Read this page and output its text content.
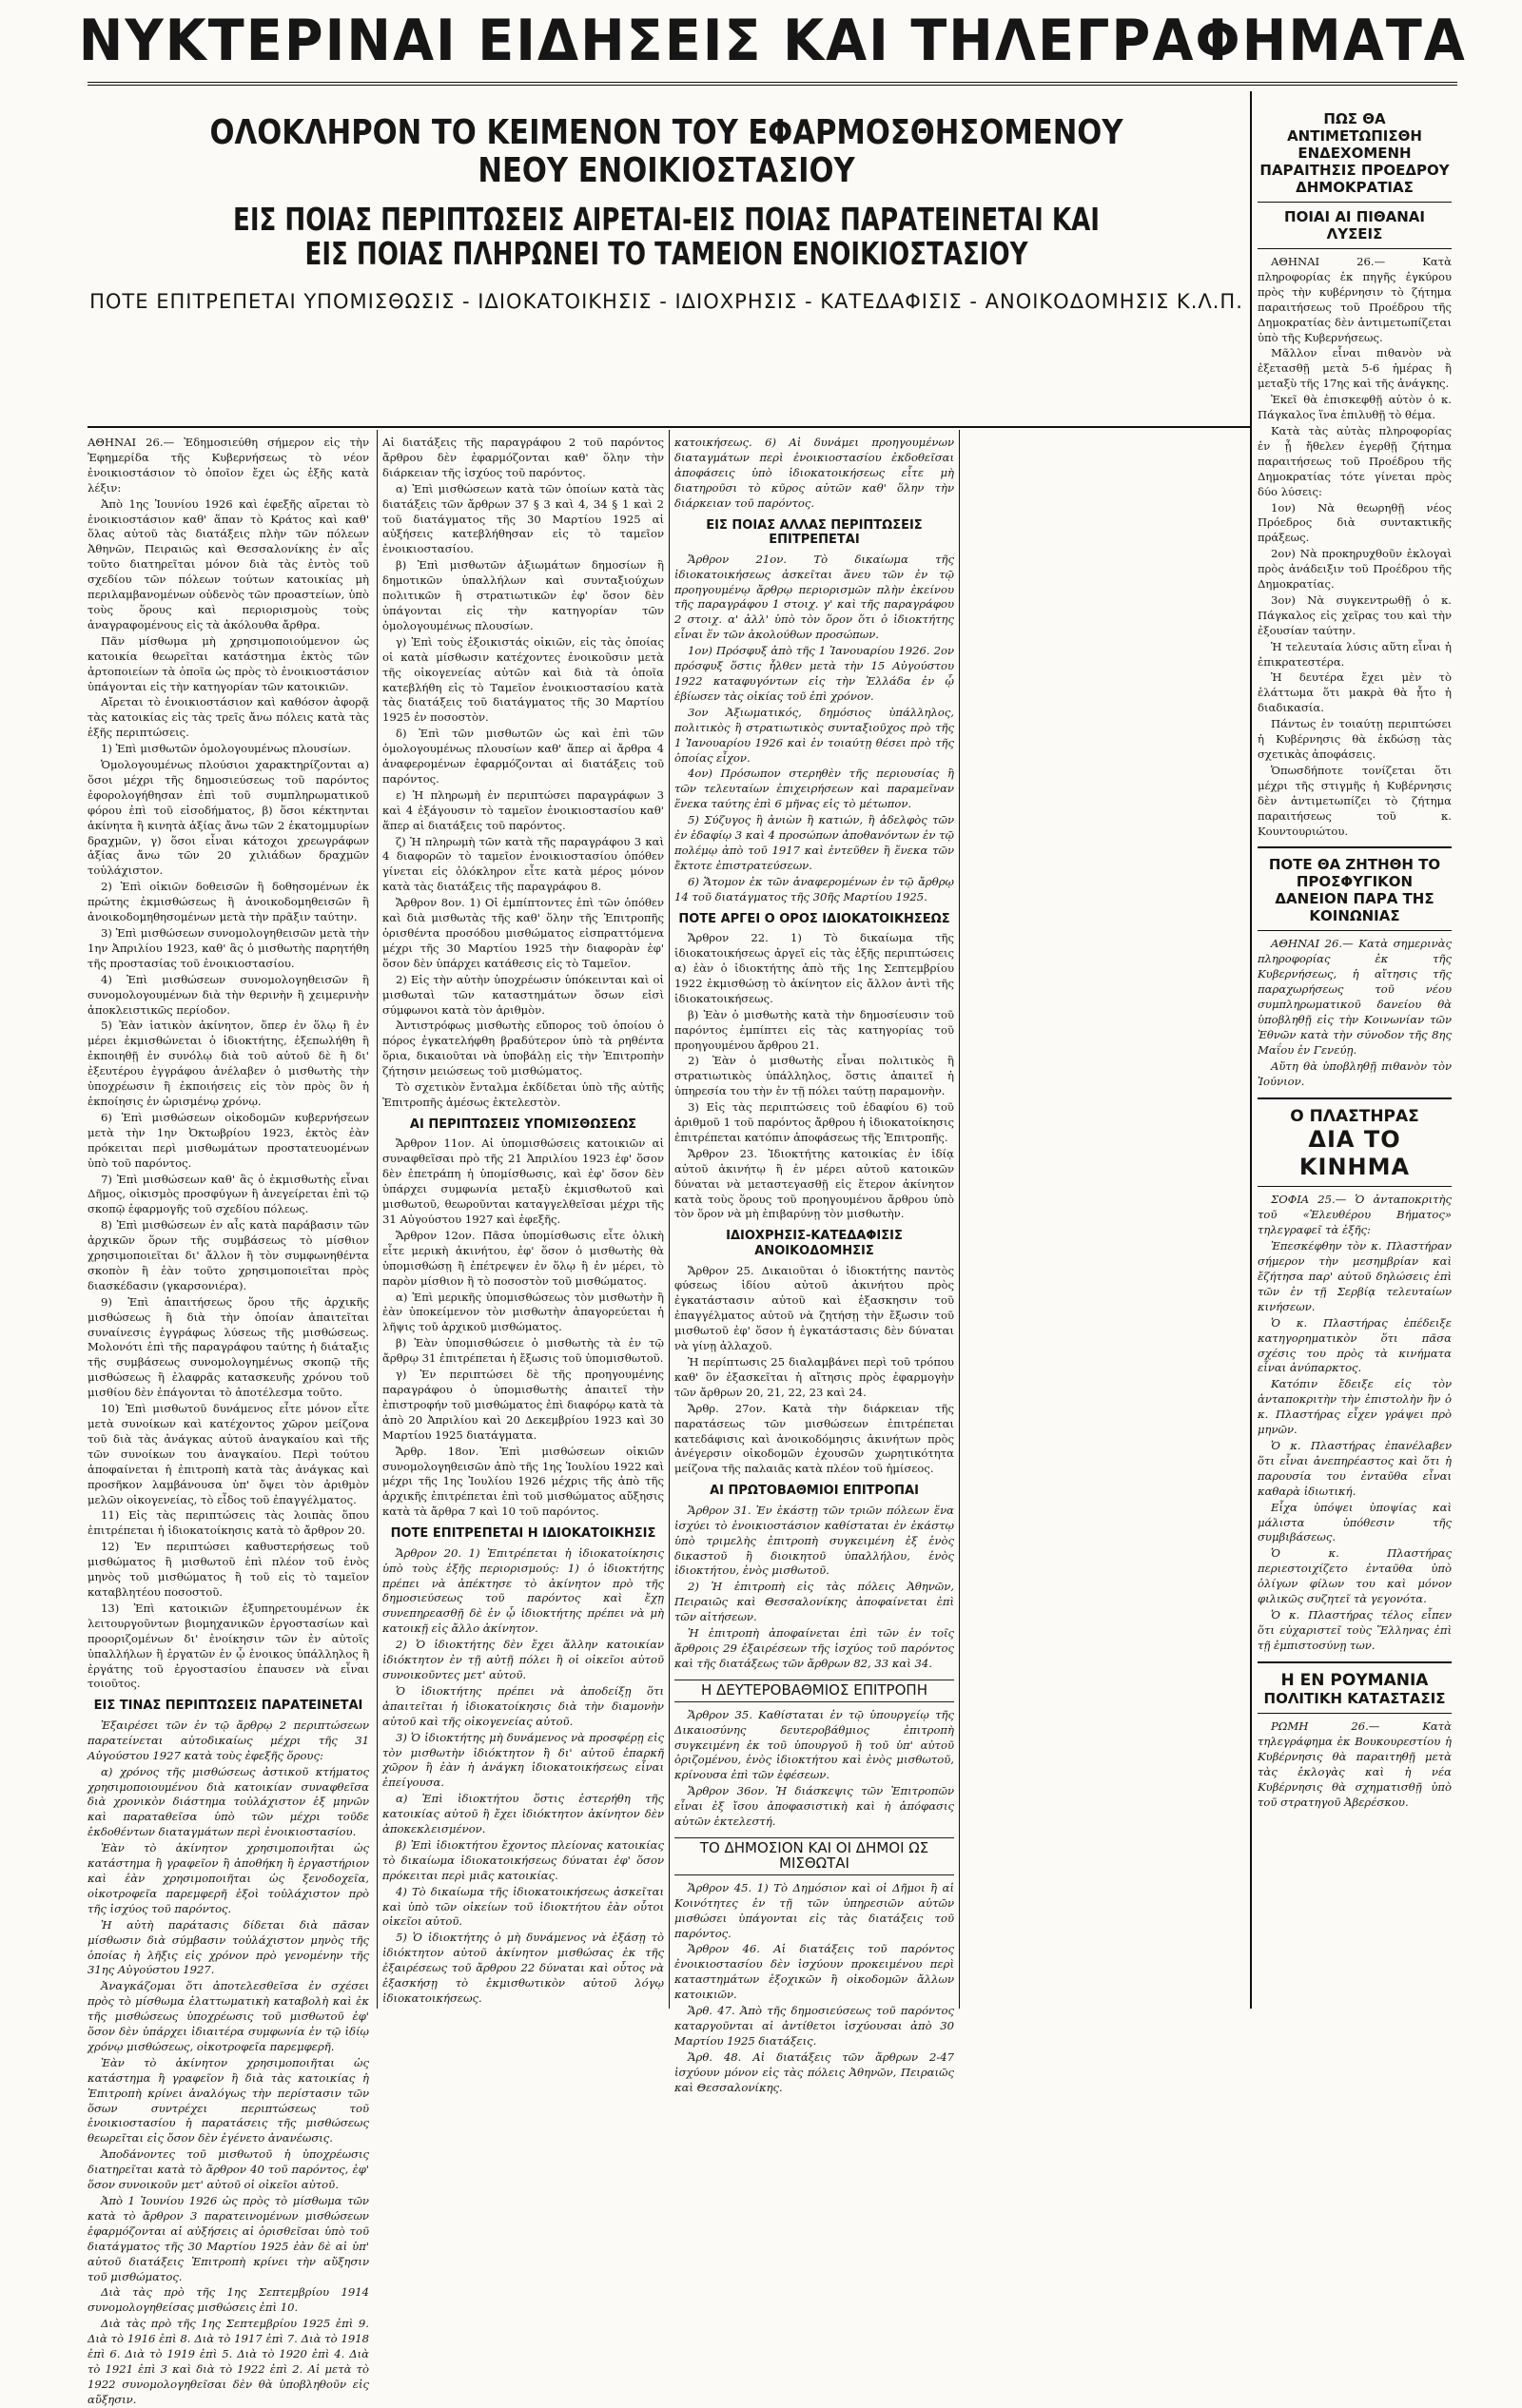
ΝΥΚΤΕΡΙΝΑΙ ΕΙΔΗΣΕΙΣ ΚΑΙ ΤΗΛΕΓΡΑΦΗΜΑΤΑ
ΟΛΟΚΛΗΡΟΝ ΤΟ ΚΕΙΜΕΝΟΝ ΤΟΥ ΕΦΑΡΜΟΣΘΗΣΟΜΕΝΟΥ ΝΕΟΥ ΕΝΟΙΚΙΟΣΤΑΣΙΟΥ
ΕΙΣ ΠΟΙΑΣ ΠΕΡΙΠΤΩΣΕΙΣ ΑΙΡΕΤΑΙ-ΕΙΣ ΠΟΙΑΣ ΠΑΡΑΤΕΙΝΕΤΑΙ ΚΑΙ ΕΙΣ ΠΟΙΑΣ ΠΛΗΡΩΝΕΙ ΤΟ ΤΑΜΕΙΟΝ ΕΝΟΙΚΙΟΣΤΑΣΙΟΥ
ΠΟΤΕ ΕΠΙΤΡΕΠΕΤΑΙ ΥΠΟΜΙΣΘΩΣΙΣ - ΙΔΙΟΚΑΤΟΙΚΗΣΙΣ - ΙΔΙΟΧΡΗΣΙΣ - ΚΑΤΕΔΑΦΙΣΙΣ - ΑΝΟΙΚΟΔΟΜΗΣΙΣ Κ.Λ.Π.

ΑΘΗΝΑΙ 26.— Ἐδημοσιεύθη σήμερον εἰς τὴν Ἐφημερίδα τῆς Κυβερνήσεως τὸ νέον ἐνοικιοστάσιον τὸ ὁποῖον ἔχει ὡς ἑξῆς κατὰ λέξιν:

Ἀπὸ 1ης Ἰουνίου 1926 καὶ ἐφεξῆς αἴρεται τὸ ἐνοικιοστάσιον καθ' ἅπαν τὸ Κράτος καὶ καθ' ὅλας αὐτοῦ τὰς διατάξεις πλὴν τῶν πόλεων Ἀθηνῶν, Πειραιῶς καὶ Θεσσαλονίκης ἐν αἷς τοῦτο διατηρεῖται μόνον διὰ τὰς ἐντὸς τοῦ σχεδίου τῶν πόλεων τούτων κατοικίας μὴ περιλαμβανομένων οὐδενὸς τῶν προαστείων, ὑπὸ τοὺς ὅρους καὶ περιορισμοὺς τοὺς ἀναγραφομένους εἰς τὰ ἀκόλουθα ἄρθρα.

Πᾶν μίσθωμα μὴ χρησιμοποιούμενον ὡς κατοικία θεωρεῖται κατάστημα ἐκτὸς τῶν ἀρτοποιείων τὰ ὁποῖα ὡς πρὸς τὸ ἐνοικιοστάσιον ὑπάγονται εἰς τὴν κατηγορίαν τῶν κατοικιῶν.

Αἴρεται τὸ ἐνοικιοστάσιον καὶ καθόσον ἀφορᾷ τὰς κατοικίας εἰς τὰς τρεῖς ἄνω πόλεις κατὰ τὰς ἑξῆς περιπτώσεις.

1) Ἐπὶ μισθωτῶν ὁμολογουμένως πλουσίων.

Ὁμολογουμένως πλούσιοι χαρακτηρίζονται α) ὅσοι μέχρι τῆς δημοσιεύσεως τοῦ παρόντος ἐφορολογήθησαν ἐπὶ τοῦ συμπληρωματικοῦ φόρου ἐπὶ τοῦ εἰσοδήματος, β) ὅσοι κέκτηνται ἀκίνητα ἢ κινητὰ ἀξίας ἄνω τῶν 2 ἑκατομμυρίων δραχμῶν, γ) ὅσοι εἶναι κάτοχοι χρεωγράφων ἀξίας ἄνω τῶν 20 χιλιάδων δραχμῶν τοὐλάχιστον.

2) Ἐπὶ οἰκιῶν δοθεισῶν ἢ δοθησομένων ἐκ πρώτης ἐκμισθώσεως ἢ ἀνοικοδομηθεισῶν ἢ ἀνοικοδομηθησομένων μετὰ τὴν πρᾶξιν ταύτην.

3) Ἐπὶ μισθώσεων συνομολογηθεισῶν μετὰ τὴν 1ην Ἀπριλίου 1923, καθ' ἃς ὁ μισθωτὴς παρητήθη τῆς προστασίας τοῦ ἐνοικιοστασίου.

4) Ἐπὶ μισθώσεων συνομολογηθεισῶν ἢ συνομολογουμένων διὰ τὴν θερινὴν ἢ χειμερινὴν ἀποκλειστικῶς περίοδον.

5) Ἐὰν ἰατικὸν ἀκίνητον, ὅπερ ἐν ὅλῳ ἢ ἐν μέρει ἐκμισθώνεται ὁ ἰδιοκτήτης, ἐξεπωλήθη ἢ ἐκποιηθῇ ἐν συνόλῳ διὰ τοῦ αὐτοῦ δὲ ἢ δι' ἐξευτέρου ἐγγράφου ἀνέλαβεν ὁ μισθωτὴς τὴν ὑποχρέωσιν ἢ ἐκποιήσεις εἰς τὸν πρὸς ὃν ἡ ἐκποίησις ἐν ὡρισμένῳ χρόνῳ.

6) Ἐπὶ μισθώσεων οἰκοδομῶν κυβερνήσεων μετὰ τὴν 1ην Ὀκτωβρίου 1923, ἐκτὸς ἐὰν πρόκειται περὶ μισθωμάτων προστατευομένων ὑπὸ τοῦ παρόντος.

7) Ἐπὶ μισθώσεων καθ' ἃς ὁ ἐκμισθωτὴς εἶναι Δῆμος, οἰκισμὸς προσφύγων ἢ ἀνεγείρεται ἐπὶ τῷ σκοπῷ ἐφαρμογῆς τοῦ σχεδίου πόλεως.

8) Ἐπὶ μισθώσεων ἐν αἷς κατὰ παράβασιν τῶν ἀρχικῶν ὅρων τῆς συμβάσεως τὸ μίσθιον χρησιμοποιεῖται δι' ἄλλον ἢ τὸν συμφωνηθέντα σκοπὸν ἢ ἐὰν τοῦτο χρησιμοποιεῖται πρὸς διασκέδασιν (γκαρσονιέρα).

9) Ἐπὶ ἀπαιτήσεως ὅρου τῆς ἀρχικῆς μισθώσεως ἢ διὰ τὴν ὁποίαν ἀπαιτεῖται συναίνεσις ἐγγράφως λύσεως τῆς μισθώσεως. Μολονότι ἐπὶ τῆς παραγράφου ταύτης ἡ διάταξις τῆς συμβάσεως συνομολογημένως σκοπῷ τῆς μισθώσεως ἢ ἐλαφρᾶς κατασκευῆς χρόνου τοῦ μισθίου δὲν ἐπάγονται τὸ ἀποτέλεσμα τοῦτο.

10) Ἐπὶ μισθωτοῦ δυνάμενος εἶτε μόνον εἶτε μετὰ συνοίκων καὶ κατέχοντος χῶρον μείζονα τοῦ διὰ τὰς ἀνάγκας αὐτοῦ ἀναγκαίου καὶ τῆς τῶν συνοίκων του ἀναγκαίου. Περὶ τούτου ἀποφαίνεται ἡ ἐπιτροπὴ κατὰ τὰς ἀνάγκας καὶ προσῆκον λαμβάνουσα ὑπ' ὄψει τὸν ἀριθμὸν μελῶν οἰκογενείας, τὸ εἶδος τοῦ ἐπαγγέλματος.

11) Εἰς τὰς περιπτώσεις τὰς λοιπὰς ὅπου ἐπιτρέπεται ἡ ἰδιοκατοίκησις κατὰ τὸ ἄρθρον 20.

12) Ἐν περιπτώσει καθυστερήσεως τοῦ μισθώματος ἢ μισθωτοῦ ἐπὶ πλέον τοῦ ἑνὸς μηνὸς τοῦ μισθώματος ἢ τοῦ εἰς τὸ ταμεῖον καταβλητέου ποσοστοῦ.

13) Ἐπὶ κατοικιῶν ἐξυπηρετουμένων ἐκ λειτουργοῦντων βιομηχανικῶν ἐργοστασίων καὶ προοριζομένων δι' ἐνοίκησιν τῶν ἐν αὐτοῖς ὑπαλλήλων ἢ ἐργατῶν ἐν ᾧ ἐνοικος ὑπάλληλος ἢ ἐργάτης τοῦ ἐργοστασίου ἐπαυσεν νὰ εἶναι τοιοῦτος.

ΕΙΣ ΤΙΝΑΣ ΠΕΡΙΠΤΩΣΕΙΣ ΠΑΡΑΤΕΙΝΕΤΑΙ

Ἐξαιρέσει τῶν ἐν τῷ ἄρθρῳ 2 περιπτώσεων παρατείνεται αὐτοδικαίως μέχρι τῆς 31 Αὐγούστου 1927 κατὰ τοὺς ἐφεξῆς ὅρους:

α) χρόνος τῆς μισθώσεως ἀστικοῦ κτήματος χρησιμοποιουμένου διὰ κατοικίαν συναφθεῖσα διὰ χρονικὸν διάστημα τοὐλάχιστον ἑξ μηνῶν καὶ παραταθεῖσα ὑπὸ τῶν μέχρι τοῦδε ἐκδοθέντων διαταγμάτων περὶ ἐνοικιοστασίου.

Ἐὰν τὸ ἀκίνητον χρησιμοποιῆται ὡς κατάστημα ἢ γραφεῖον ἢ ἀποθήκη ἢ ἐργαστήριον καὶ ἐὰν χρησιμοποιῆται ὡς ξενοδοχεῖα, οἰκοτροφεῖα παρεμφερῆ ἑξοὶ τοὐλάχιστον πρὸ τῆς ἰσχύος τοῦ παρόντος.

Ἡ αὐτὴ παράτασις δίδεται διὰ πᾶσαν μίσθωσιν διὰ σύμβασιν τοὐλάχιστον μηνὸς τῆς ὁποίας ἡ λῆξις εἰς χρόνον πρὸ γενομένην τῆς 31ης Αὐγούστου 1927.

Ἀναγκάζομαι ὅτι ἀποτελεσθεῖσα ἐν σχέσει πρὸς τὸ μίσθωμα ἐλαττωματικὴ καταβολὴ καὶ ἐκ τῆς μισθώσεως ὑποχρέωσις τοῦ μισθωτοῦ ἐφ' ὅσον δὲν ὑπάρχει ἰδιαιτέρα συμφωνία ἐν τῷ ἰδίῳ χρόνῳ μισθώσεως, οἰκοτροφεῖα παρεμφερῆ.

Ἐὰν τὸ ἀκίνητον χρησιμοποιῆται ὡς κατάστημα ἢ γραφεῖον ἢ διὰ τὰς κατοικίας ἡ Ἐπιτροπὴ κρίνει ἀναλόγως τὴν περίστασιν τῶν ὅσων συντρέχει περιπτώσεως τοῦ ἐνοικιοστασίου ἡ παρατάσεις τῆς μισθώσεως θεωρεῖται εἰς ὅσον δὲν ἐγένετο ἀνανέωσις.

Ἀποδάνοντες τοῦ μισθωτοῦ ἡ ὑποχρέωσις διατηρεῖται κατὰ τὸ ἄρθρον 40 τοῦ παρόντος, ἐφ' ὅσον συνοικοῦν μετ' αὐτοῦ οἱ οἰκεῖοι αὐτοῦ.

Ἀπὸ 1 Ἰουνίου 1926 ὡς πρὸς τὸ μίσθωμα τῶν κατὰ τὸ ἄρθρον 3 παρατεινομένων μισθώσεων ἐφαρμόζονται αἱ αὐξήσεις αἱ ὁρισθεῖσαι ὑπὸ τοῦ διατάγματος τῆς 30 Μαρτίου 1925 ἐὰν δὲ αἱ ὑπ' αὐτοῦ διατάξεις Ἐπιτροπὴ κρίνει τὴν αὔξησιν τοῦ μισθώματος.

Διὰ τὰς πρὸ τῆς 1ης Σεπτεμβρίου 1914 συνομολογηθείσας μισθώσεις ἐπὶ 10.

Διὰ τὰς πρὸ τῆς 1ης Σεπτεμβρίου 1925 ἐπὶ 9. Διὰ τὸ 1916 ἐπὶ 8. Διὰ τὸ 1917 ἐπὶ 7. Διὰ τὸ 1918 ἐπὶ 6. Διὰ τὸ 1919 ἐπὶ 5. Διὰ τὸ 1920 ἐπὶ 4. Διὰ τὸ 1921 ἐπὶ 3 καὶ διὰ τὸ 1922 ἐπὶ 2. Αἱ μετὰ τὸ 1922 συνομολογηθεῖσαι δὲν θὰ ὑποβληθοῦν εἰς αὔξησιν.

Αἱ διατάξεις τῆς παραγράφου 2 τοῦ παρόντος ἄρθρου δὲν ἐφαρμόζονται καθ' ὅλην τὴν διάρκειαν τῆς ἰσχύος τοῦ παρόντος.

α) Ἐπὶ μισθώσεων κατὰ τῶν ὁποίων κατὰ τὰς διατάξεις τῶν ἄρθρων 37 § 3 καὶ 4, 34 § 1 καὶ 2 τοῦ διατάγματος τῆς 30 Μαρτίου 1925 αἱ αὐξήσεις κατεβλήθησαν εἰς τὸ ταμεῖον ἐνοικιοστασίου.

β) Ἐπὶ μισθωτῶν ἀξιωμάτων δημοσίων ἢ δημοτικῶν ὑπαλλήλων καὶ συνταξιούχων πολιτικῶν ἢ στρατιωτικῶν ἐφ' ὅσον δὲν ὑπάγονται εἰς τὴν κατηγορίαν τῶν ὁμολογουμένως πλουσίων.

γ) Ἐπὶ τοὺς ἐξοικιστάς οἰκιῶν, εἰς τὰς ὁποίας οἱ κατὰ μίσθωσιν κατέχοντες ἐνοικοῦσιν μετὰ τῆς οἰκογενείας αὐτῶν καὶ διὰ τὰ ὁποῖα κατεβλήθη εἰς τὸ Ταμεῖον ἐνοικιοστασίου κατὰ τὰς διατάξεις τοῦ διατάγματος τῆς 30 Μαρτίου 1925 ἐν ποσοστὸν.

δ) Ἐπὶ τῶν μισθωτῶν ὡς καὶ ἐπὶ τῶν ὁμολογουμένως πλουσίων καθ' ἅπερ αἱ ἄρθρα 4 ἀναφερομένων ἐφαρμόζονται αἱ διατάξεις τοῦ παρόντος.

ε) Ἡ πληρωμὴ ἐν περιπτώσει παραγράφων 3 καὶ 4 ἐξάγουσιν τὸ ταμεῖον ἐνοικιοστασίου καθ' ἅπερ αἱ διατάξεις τοῦ παρόντος.

ζ) Ἡ πληρωμὴ τῶν κατὰ τῆς παραγράφου 3 καὶ 4 διαφορῶν τὸ ταμεῖον ἐνοικιοστασίου ὁπόθεν γίνεται εἰς ὀλόκληρον εἶτε κατὰ μέρος μόνον κατὰ τὰς διατάξεις τῆς παραγράφου 8.

Ἄρθρον 8ον. 1) Οἱ ἐμπίπτοντες ἐπὶ τῶν ὁπόθεν καὶ διὰ μισθωτὰς τῆς καθ' ὅλην τῆς Ἐπιτροπῆς ὁρισθέντα προσόδου μισθώματος εἰσπραττόμενα μέχρι τῆς 30 Μαρτίου 1925 τὴν διαφορὰν ἐφ' ὅσον δὲν ὑπάρχει κατάθεσις εἰς τὸ Ταμεῖον.

2) Εἰς τὴν αὐτὴν ὑποχρέωσιν ὑπόκεινται καὶ οἱ μισθωταὶ τῶν καταστημάτων ὅσων εἰσὶ σύμφωνοι κατὰ τὸν ἀριθμὸν.

Ἀντιστρόφως μισθωτὴς εὔπορος τοῦ ὁποίου ὁ πόρος ἐγκατελήφθη βραδύτερον ὑπὸ τὰ ρηθέντα ὅρια, δικαιοῦται νὰ ὑποβάλῃ εἰς τὴν Ἐπιτροπὴν ζήτησιν μειώσεως τοῦ μισθώματος.

Τὸ σχετικὸν ἔνταλμα ἐκδίδεται ὑπὸ τῆς αὐτῆς Ἐπιτροπῆς ἀμέσως ἐκτελεστὸν.

ΑΙ ΠΕΡΙΠΤΩΣΕΙΣ ΥΠΟΜΙΣΘΩΣΕΩΣ

Ἄρθρον 11ον. Αἱ ὑπομισθώσεις κατοικιῶν αἱ συναφθεῖσαι πρὸ τῆς 21 Ἀπριλίου 1923 ἐφ' ὅσον δὲν ἐπετράπη ἡ ὑπομίσθωσις, καὶ ἐφ' ὅσον δὲν ὑπάρχει συμφωνία μεταξὺ ἐκμισθωτοῦ καὶ μισθωτοῦ, θεωροῦνται καταγγελθεῖσαι μέχρι τῆς 31 Αὐγούστου 1927 καὶ ἐφεξῆς.

Ἄρθρον 12ον. Πᾶσα ὑπομίσθωσις εἶτε ὁλικὴ εἶτε μερικὴ ἀκινήτου, ἐφ' ὅσον ὁ μισθωτὴς θὰ ὑπομισθώσῃ ἢ ἐπέτρεψεν ἐν ὅλῳ ἢ ἐν μέρει, τὸ παρὸν μίσθιον ἢ τὸ ποσοστὸν τοῦ μισθώματος.

α) Ἐπὶ μερικῆς ὑπομισθώσεως τὸν μισθωτὴν ἢ ἐὰν ὑποκείμενον τὸν μισθωτὴν ἀπαγορεύεται ἡ λῆψις τοῦ ἀρχικοῦ μισθώματος.

β) Ἐὰν ὑπομισθώσειε ὁ μισθωτὴς τὰ ἐν τῷ ἄρθρῳ 31 ἐπιτρέπεται ἡ ἔξωσις τοῦ ὑπομισθωτοῦ.

γ) Ἐν περιπτώσει δὲ τῆς προηγουμένης παραγράφου ὁ ὑπομισθωτὴς ἀπαιτεῖ τὴν ἐπιστροφήν τοῦ μισθώματος ἐπὶ διαφόρῳ κατὰ τὰ ἀπὸ 20 Ἀπριλίου καὶ 20 Δεκεμβρίου 1923 καὶ 30 Μαρτίου 1925 διατάγματα.

Ἄρθρ. 18ον. Ἐπὶ μισθώσεων οἰκιῶν συνομολογηθεισῶν ἀπὸ τῆς 1ης Ἰουλίου 1922 καὶ μέχρι τῆς 1ης Ἰουλίου 1926 μέχρις τῆς ἀπὸ τῆς ἀρχικῆς ἐπιτρέπεται ἐπὶ τοῦ μισθώματος αὔξησις κατὰ τὰ ἄρθρα 7 καὶ 10 τοῦ παρόντος.

ΠΟΤΕ ΕΠΙΤΡΕΠΕΤΑΙ Η ΙΔΙΟΚΑΤΟΙΚΗΣΙΣ

Ἄρθρον 20. 1) Ἐπιτρέπεται ἡ ἰδιοκατοίκησις ὑπὸ τοὺς ἑξῆς περιορισμούς: 1) ὁ ἰδιοκτήτης πρέπει νὰ ἀπέκτησε τὸ ἀκίνητον πρὸ τῆς δημοσιεύσεως τοῦ παρόντος καὶ ἔχῃ συνεπηρεασθῇ δὲ ἐν ᾧ ἰδιοκτήτης πρέπει νὰ μὴ κατοικῇ εἰς ἄλλο ἀκίνητον.

2) Ὁ ἰδιοκτήτης δὲν ἔχει ἄλλην κατοικίαν ἰδιόκτητον ἐν τῇ αὐτῇ πόλει ἢ οἱ οἰκεῖοι αὐτοῦ συνοικοῦντες μετ' αὐτοῦ.

Ὁ ἰδιοκτήτης πρέπει νὰ ἀποδείξῃ ὅτι ἀπαιτεῖται ἡ ἰδιοκατοίκησις διὰ τὴν διαμονὴν αὐτοῦ καὶ τῆς οἰκογενείας αὐτοῦ.

3) Ὁ ἰδιοκτήτης μὴ δυνάμενος νὰ προσφέρῃ εἰς τὸν μισθωτὴν ἰδιόκτητον ἢ δι' αὐτοῦ ἐπαρκῆ χῶρον ἢ ἐὰν ἡ ἀνάγκη ἰδιοκατοικήσεως εἶναι ἐπείγουσα.

α) Ἐπὶ ἰδιοκτήτου ὅστις ἐστερήθη τῆς κατοικίας αὐτοῦ ἢ ἔχει ἰδιόκτητον ἀκίνητον δὲν ἀποκεκλεισμένον.

β) Ἐπὶ ἰδιοκτήτου ἔχοντος πλείονας κατοικίας τὸ δικαίωμα ἰδιοκατοικήσεως δύναται ἐφ' ὅσον πρόκειται περὶ μιᾶς κατοικίας.

4) Τὸ δικαίωμα τῆς ἰδιοκατοικήσεως ἀσκεῖται καὶ ὑπὸ τῶν οἰκείων τοῦ ἰδιοκτήτου ἐὰν οὗτοι οἰκεῖοι αὐτοῦ.

5) Ὁ ἰδιοκτήτης ὁ μὴ δυνάμενος νὰ ἐξάσῃ τὸ ἰδιόκτητον αὐτοῦ ἀκίνητον μισθώσας ἐκ τῆς ἐξαιρέσεως τοῦ ἄρθρου 22 δύναται καὶ οὗτος νὰ ἐξασκήσῃ τὸ ἐκμισθωτικὸν αὐτοῦ λόγῳ ἰδιοκατοικήσεως.

κατοικήσεως. 6) Αἱ δυνάμει προηγουμένων διαταγμάτων περὶ ἐνοικιοστασίου ἐκδοθεῖσαι ἀποφάσεις ὑπὸ ἰδιοκατοικήσεως εἶτε μὴ διατηροῦσι τὸ κῦρος αὐτῶν καθ' ὅλην τὴν διάρκειαν τοῦ παρόντος.

ΕΙΣ ΠΟΙΑΣ ΑΛΛΑΣ ΠΕΡΙΠΤΩΣΕΙΣ ΕΠΙΤΡΕΠΕΤΑΙ

Ἄρθρον 21ον. Τὸ δικαίωμα τῆς ἰδιοκατοικήσεως ἀσκεῖται ἄνευ τῶν ἐν τῷ προηγουμένῳ ἄρθρῳ περιορισμῶν πλὴν ἐκείνου τῆς παραγράφου 1 στοιχ. γ' καὶ τῆς παραγράφου 2 στοιχ. α' ἀλλ' ὑπὸ τὸν ὅρον ὅτι ὁ ἰδιοκτήτης εἶναι ἕν τῶν ἀκολούθων προσώπων.

1ον) Πρόσφυξ ἀπὸ τῆς 1 Ἰανουαρίου 1926. 2ον πρόσφυξ ὅστις ἦλθεν μετὰ τὴν 15 Αὐγούστου 1922 καταφυγόντων εἰς τὴν Ἑλλάδα ἐν ᾧ ἐβίωσεν τὰς οἰκίας τοῦ ἐπὶ χρόνον.

3ον Ἀξιωματικός, δημόσιος ὑπάλληλος, πολιτικὸς ἢ στρατιωτικὸς συνταξιοῦχος πρὸ τῆς 1 Ἰανουαρίου 1926 καὶ ἐν τοιαύτῃ θέσει πρὸ τῆς ὁποίας εἶχον.

4ον) Πρόσωπον στερηθὲν τῆς περιουσίας ἢ τῶν τελευταίων ἐπιχειρήσεων καὶ παραμεῖναν ἕνεκα ταύτης ἐπὶ 6 μῆνας εἰς τὸ μέτωπον.

5) Σύζυγος ἢ ἀνιὼν ἢ κατιών, ἢ ἀδελφὸς τῶν ἐν ἐδαφίῳ 3 καὶ 4 προσώπων ἀποθανόντων ἐν τῷ πολέμῳ ἀπὸ τοῦ 1917 καὶ ἐντεῦθεν ἢ ἕνεκα τῶν ἔκτοτε ἐπιστρατεύσεων.

6) Ἄτομον ἐκ τῶν ἀναφερομένων ἐν τῷ ἄρθρῳ 14 τοῦ διατάγματος τῆς 30ῆς Μαρτίου 1925.

ΠΟΤΕ ΑΡΓΕΙ Ο ΟΡΟΣ ΙΔΙΟΚΑΤΟΙΚΗΣΕΩΣ

Ἄρθρον 22. 1) Τὸ δικαίωμα τῆς ἰδιοκατοικήσεως ἀργεῖ εἰς τὰς ἑξῆς περιπτώσεις α) ἐὰν ὁ ἰδιοκτήτης ἀπὸ τῆς 1ης Σεπτεμβρίου 1922 ἐκμισθώσῃ τὸ ἀκίνητον εἰς ἄλλον ἀντὶ τῆς ἰδιοκατοικήσεως.

β) Ἐὰν ὁ μισθωτὴς κατὰ τὴν δημοσίευσιν τοῦ παρόντος ἐμπίπτει εἰς τὰς κατηγορίας τοῦ προηγουμένου ἄρθρου 21.

2) Ἐὰν ὁ μισθωτὴς εἶναι πολιτικὸς ἢ στρατιωτικὸς ὑπάλληλος, ὅστις ἀπαιτεῖ ἡ ὑπηρεσία του τὴν ἐν τῇ πόλει ταύτῃ παραμονὴν.

3) Εἰς τὰς περιπτώσεις τοῦ ἐδαφίου 6) τοῦ ἀριθμοῦ 1 τοῦ παρόντος ἄρθρου ἡ ἰδιοκατοίκησις ἐπιτρέπεται κατόπιν ἀποφάσεως τῆς Ἐπιτροπῆς.

Ἄρθρον 23. Ἰδιοκτήτης κατοικίας ἐν ἰδίᾳ αὐτοῦ ἀκινήτῳ ἢ ἐν μέρει αὐτοῦ κατοικῶν δύναται νὰ μεταστεγασθῇ εἰς ἕτερον ἀκίνητον κατὰ τοὺς ὅρους τοῦ προηγουμένου ἄρθρου ὑπὸ τὸν ὅρον νὰ μὴ ἐπιβαρύνῃ τὸν μισθωτὴν.

ΙΔΙΟΧΡΗΣΙΣ-ΚΑΤΕΔΑΦΙΣΙΣ ΑΝΟΙΚΟΔΟΜΗΣΙΣ

Ἄρθρον 25. Δικαιοῦται ὁ ἰδιοκτήτης παντὸς φύσεως ἰδίου αὐτοῦ ἀκινήτου πρὸς ἐγκατάστασιν αὐτοῦ καὶ ἐξασκησιν τοῦ ἐπαγγέλματος αὐτοῦ νὰ ζητήσῃ τὴν ἔξωσιν τοῦ μισθωτοῦ ἐφ' ὅσον ἡ ἐγκατάστασις δὲν δύναται νὰ γίνῃ ἀλλαχοῦ.

Ἡ περίπτωσις 25 διαλαμβάνει περὶ τοῦ τρόπου καθ' ὃν ἐξασκεῖται ἡ αἴτησις πρὸς ἐφαρμογὴν τῶν ἄρθρων 20, 21, 22, 23 καὶ 24.

Ἄρθρ. 27ον. Κατὰ τὴν διάρκειαν τῆς παρατάσεως τῶν μισθώσεων ἐπιτρέπεται κατεδάφισις καὶ ἀνοικοδόμησις ἀκινήτων πρὸς ἀνέγερσιν οἰκοδομῶν ἐχουσῶν χωρητικότητα μείζονα τῆς παλαιᾶς κατὰ πλέον τοῦ ἡμίσεος.

ΑΙ ΠΡΩΤΟΒΑΘΜΙΟΙ ΕΠΙΤΡΟΠΑΙ

Ἄρθρον 31. Ἐν ἑκάστῃ τῶν τριῶν πόλεων ἕνα ἰσχύει τὸ ἐνοικιοστάσιον καθίσταται ἐν ἑκάστῳ ὑπὸ τριμελὴς ἐπιτροπὴ συγκειμένη ἐξ ἑνὸς δικαστοῦ ἢ διοικητοῦ ὑπαλλήλου, ἑνὸς ἰδιοκτήτου, ἑνὸς μισθωτοῦ.

2) Ἡ ἐπιτροπὴ εἰς τὰς πόλεις Ἀθηνῶν, Πειραιῶς καὶ Θεσσαλονίκης ἀποφαίνεται ἐπὶ τῶν αἰτήσεων.

Ἡ ἐπιτροπὴ ἀποφαίνεται ἐπὶ τῶν ἐν τοῖς ἄρθροις 29 ἐξαιρέσεων τῆς ἰσχύος τοῦ παρόντος καὶ τῆς διατάξεως τῶν ἄρθρων 82, 33 καὶ 34.

Η ΔΕΥΤΕΡΟΒΑΘΜΙΟΣ ΕΠΙΤΡΟΠΗ

Ἄρθρον 35. Καθίσταται ἐν τῷ ὑπουργείῳ τῆς Δικαιοσύνης δευτεροβάθμιος ἐπιτροπὴ συγκειμένη ἐκ τοῦ ὑπουργοῦ ἢ τοῦ ὑπ' αὐτοῦ ὁριζομένου, ἑνὸς ἰδιοκτήτου καὶ ἑνὸς μισθωτοῦ, κρίνουσα ἐπὶ τῶν ἐφέσεων.

Ἄρθρον 36ον. Ἡ διάσκεψις τῶν Ἐπιτροπῶν εἶναι ἐξ ἴσου ἀποφασιστικὴ καὶ ἡ ἀπόφασις αὐτῶν ἐκτελεστή.

ΤΟ ΔΗΜΟΣΙΟΝ ΚΑΙ ΟΙ ΔΗΜΟΙ ΩΣ ΜΙΣΘΩΤΑΙ

Ἄρθρον 45. 1) Τὸ Δημόσιον καὶ οἱ Δῆμοι ἢ αἱ Κοινότητες ἐν τῇ τῶν ὑπηρεσιῶν αὐτῶν μισθώσει ὑπάγονται εἰς τὰς διατάξεις τοῦ παρόντος.

Ἄρθρον 46. Αἱ διατάξεις τοῦ παρόντος ἐνοικιοστασίου δὲν ἰσχύουν προκειμένου περὶ καταστημάτων ἐξοχικῶν ἢ οἰκοδομῶν ἄλλων κατοικιῶν.

Ἄρθ. 47. Ἀπὸ τῆς δημοσιεύσεως τοῦ παρόντος καταργοῦνται αἱ ἀντίθετοι ἰσχύουσαι ἀπὸ 30 Μαρτίου 1925 διατάξεις.

Ἄρθ. 48. Αἱ διατάξεις τῶν ἄρθρων 2-47 ἰσχύουν μόνον εἰς τὰς πόλεις Ἀθηνῶν, Πειραιῶς καὶ Θεσσαλονίκης.

ΠΩΣ ΘΑ ΑΝΤΙΜΕΤΩΠΙΣΘΗ ΕΝΔΕΧΟΜΕΝΗ ΠΑΡΑΙΤΗΣΙΣ ΠΡΟΕΔΡΟΥ ΔΗΜΟΚΡΑΤΙΑΣ
ΠΟΙΑΙ ΑΙ ΠΙΘΑΝΑΙ ΛΥΣΕΙΣ

ΑΘΗΝΑΙ 26.— Κατὰ πληροφορίας ἐκ πηγῆς ἐγκύρου πρὸς τὴν κυβέρνησιν τὸ ζήτημα παραιτήσεως τοῦ Προέδρου τῆς Δημοκρατίας δὲν ἀντιμετωπίζεται ὑπὸ τῆς Κυβερνήσεως.

Μᾶλλον εἶναι πιθανὸν νὰ ἐξετασθῇ μετὰ 5-6 ἡμέρας ἢ μεταξὺ τῆς 17ης καὶ τῆς ἀνάγκης.

Ἐκεῖ θὰ ἐπισκεφθῇ αὐτὸν ὁ κ. Πάγκαλος ἵνα ἐπιλυθῇ τὸ θέμα.

Κατὰ τὰς αὐτὰς πληροφορίας ἐν ᾗ ἤθελεν ἐγερθῇ ζήτημα παραιτήσεως τοῦ Προέδρου τῆς Δημοκρατίας τότε γίνεται πρὸς δύο λύσεις:

1ον) Νὰ θεωρηθῇ νέος Πρόεδρος διὰ συντακτικῆς πράξεως.

2ον) Νὰ προκηρυχθοῦν ἐκλογαὶ πρὸς ἀνάδειξιν τοῦ Προέδρου τῆς Δημοκρατίας.

3ον) Νὰ συγκεντρωθῇ ὁ κ. Πάγκαλος εἰς χεῖρας του καὶ τὴν ἐξουσίαν ταύτην.

Ἡ τελευταία λύσις αὕτη εἶναι ἡ ἐπικρατεστέρα.

Ἡ δευτέρα ἔχει μὲν τὸ ἐλάττωμα ὅτι μακρὰ θὰ ἦτο ἡ διαδικασία.

Πάντως ἐν τοιαύτῃ περιπτώσει ἡ Κυβέρνησις θὰ ἐκδώσῃ τὰς σχετικὰς ἀποφάσεις.

Ὁπωσδήποτε τονίζεται ὅτι μέχρι τῆς στιγμῆς ἡ Κυβέρνησις δὲν ἀντιμετωπίζει τὸ ζήτημα παραιτήσεως τοῦ κ. Κουντουριώτου.

ΠΟΤΕ ΘΑ ΖΗΤΗΘΗ ΤΟ ΠΡΟΣΦΥΓΙΚΟΝ ΔΑΝΕΙΟΝ ΠΑΡΑ ΤΗΣ ΚΟΙΝΩΝΙΑΣ

ΑΘΗΝΑΙ 26.— Κατὰ σημερινὰς πληροφορίας ἐκ τῆς Κυβερνήσεως, ἡ αἴτησις τῆς παραχωρήσεως τοῦ νέου συμπληρωματικοῦ δανείου θὰ ὑποβληθῇ εἰς τὴν Κοινωνίαν τῶν Ἐθνῶν κατὰ τὴν σύνοδον τῆς 8ης Μαΐου ἐν Γενεύῃ.

Αὕτη θὰ ὑποβληθῇ πιθανὸν τὸν Ἰούνιον.

Ο ΠΛΑΣΤΗΡΑΣ
ΔΙΑ ΤΟ ΚΙΝΗΜΑ

ΣΟΦΙΑ 25.— Ὁ ἀνταποκριτὴς τοῦ «Ἐλευθέρου Βήματος» τηλεγραφεῖ τὰ ἑξῆς:

Ἐπεσκέφθην τὸν κ. Πλαστήραν σήμερον τὴν μεσημβρίαν καὶ ἔζήτησα παρ' αὐτοῦ δηλώσεις ἐπὶ τῶν ἐν τῇ Σερβίᾳ τελευταίων κινήσεων.

Ὁ κ. Πλαστήρας ἐπέδειξε κατηγορηματικὸν ὅτι πᾶσα σχέσις του πρὸς τὰ κινήματα εἶναι ἀνύπαρκτος.

Κατόπιν ἔδειξε εἰς τὸν ἀνταποκριτὴν τὴν ἐπιστολὴν ἣν ὁ κ. Πλαστήρας εἶχεν γράψει πρὸ μηνῶν.

Ὁ κ. Πλαστήρας ἐπανέλαβεν ὅτι εἶναι ἀνεπηρέαστος καὶ ὅτι ἡ παρουσία του ἐνταῦθα εἶναι καθαρὰ ἰδιωτική.

Εἶχα ὑπόψει ὑποψίας καὶ μάλιστα ὑπόθεσιν τῆς συμβιβάσεως.

Ὁ κ. Πλαστήρας περιεστοιχίζετο ἐνταῦθα ὑπὸ ὀλίγων φίλων του καὶ μόνον φιλικῶς συζητεῖ τὰ γεγονότα.

Ὁ κ. Πλαστήρας τέλος εἶπεν ὅτι εὐχαριστεῖ τοὺς Ἕλληνας ἐπὶ τῇ ἐμπιστοσύνῃ των.

Η ΕΝ ΡΟΥΜΑΝΙΑ
ΠΟΛΙΤΙΚΗ ΚΑΤΑΣΤΑΣΙΣ

ΡΩΜΗ 26.— Κατὰ τηλεγράφημα ἐκ Βουκουρεστίου ἡ Κυβέρνησις θὰ παραιτηθῇ μετὰ τὰς ἐκλογὰς καὶ ἡ νέα Κυβέρνησις θὰ σχηματισθῇ ὑπὸ τοῦ στρατηγοῦ Ἀβερέσκου.
